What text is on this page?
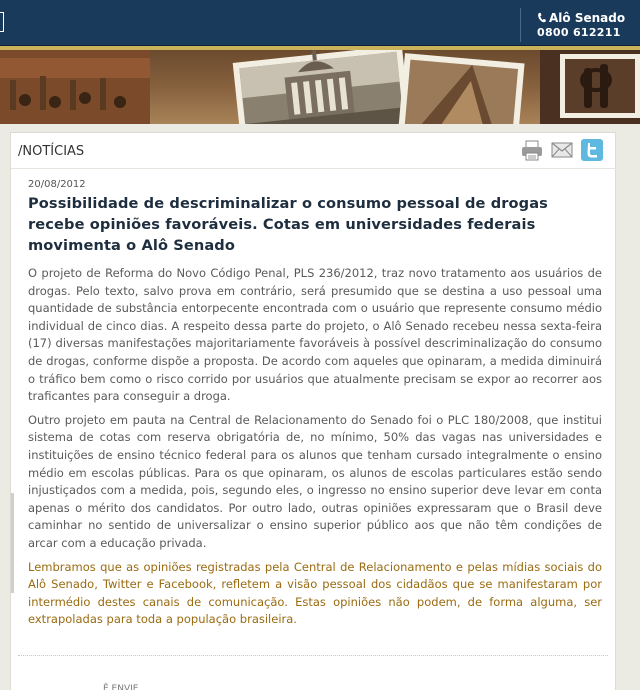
Alô Senado
0800 612211
/NOTÍCIAS
20/08/2012
Possibilidade de descriminalizar o consumo pessoal de drogas recebe opiniões favoráveis. Cotas em universidades federais movimenta o Alô Senado

O projeto de Reforma do Novo Código Penal, PLS 236/2012, traz novo tratamento aos usuários de drogas. Pelo texto, salvo prova em contrário, será presumido que se destina a uso pessoal uma quantidade de substância entorpecente encontrada com o usuário que represente consumo médio individual de cinco dias. A respeito dessa parte do projeto, o Alô Senado recebeu nessa sexta-feira (17) diversas manifestações majoritariamente favoráveis à possível descriminalização do consumo de drogas, conforme dispõe a proposta. De acordo com aqueles que opinaram, a medida diminuirá o tráfico bem como o risco corrido por usuários que atualmente precisam se expor ao recorrer aos traficantes para conseguir a droga.

Outro projeto em pauta na Central de Relacionamento do Senado foi o PLC 180/2008, que institui sistema de cotas com reserva obrigatória de, no mínimo, 50% das vagas nas universidades e instituições de ensino técnico federal para os alunos que tenham cursado integralmente o ensino médio em escolas públicas. Para os que opinaram, os alunos de escolas particulares estão sendo injustiçados com a medida, pois, segundo eles, o ingresso no ensino superior deve levar em conta apenas o mérito dos candidatos. Por outro lado, outras opiniões expressaram que o Brasil deve caminhar no sentido de universalizar o ensino superior público aos que não têm condições de arcar com a educação privada.

Lembramos que as opiniões registradas pela Central de Relacionamento e pelas mídias sociais do Alô Senado, Twitter e Facebook, refletem a visão pessoal dos cidadãos que se manifestaram por intermédio destes canais de comunicação. Estas opiniões não podem, de forma alguma, ser extrapoladas para toda a população brasileira.

Ê ENVIE
